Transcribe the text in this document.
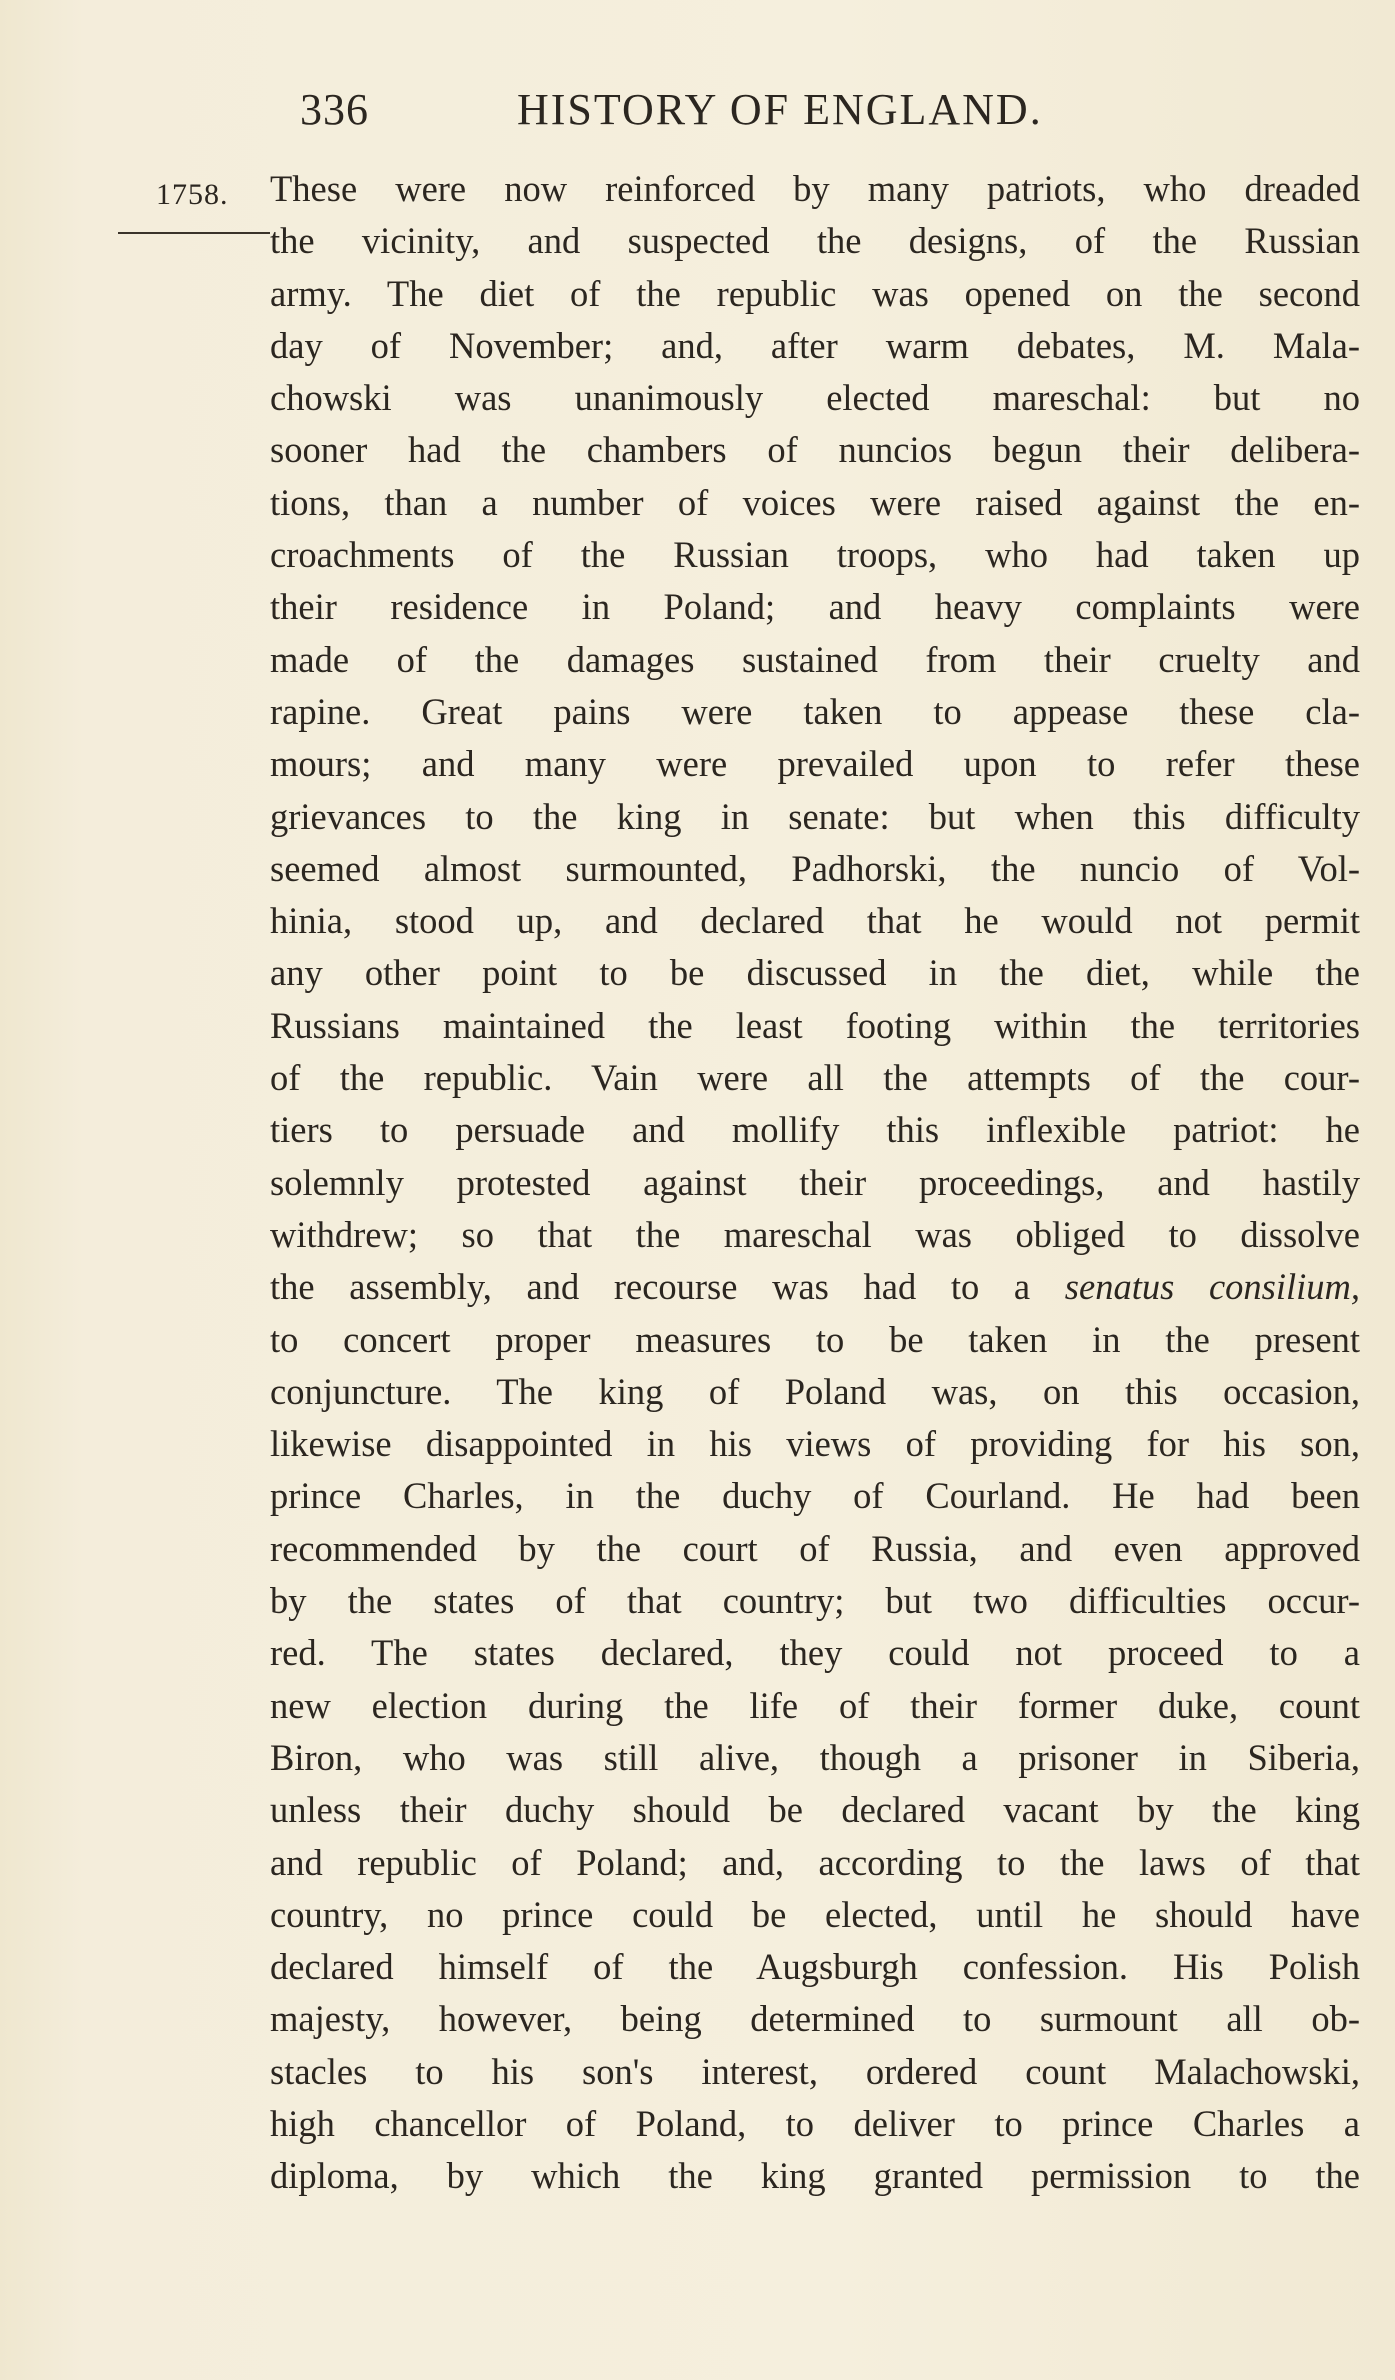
336	HISTORY OF ENGLAND.
1758. These were now reinforced by many patriots, who dreaded
the vicinity, and suspected the designs, of the Russian
army. The diet of the republic was opened on the second
day of November; and, after warm debates, M. Mala-
chowski was unanimously elected mareschal: but no
sooner had the chambers of nuncios begun their delibera-
tions, than a number of voices were raised against the en-
croachments of the Russian troops, who had taken up
their residence in Poland; and heavy complaints were
made of the damages sustained from their cruelty and
rapine. Great pains were taken to appease these cla-
mours; and many were prevailed upon to refer these
grievances to the king in senate: but when this difficulty
seemed almost surmounted, Padhorski, the nuncio of Vol-
hinia, stood up, and declared that he would not permit
any other point to be discussed in the diet, while the
Russians maintained the least footing within the territories
of the republic. Vain were all the attempts of the cour-
tiers to persuade and mollify this inflexible patriot: he
solemnly protested against their proceedings, and hastily
withdrew; so that the mareschal was obliged to dissolve
the assembly, and recourse was had to a senatus consilium,
to concert proper measures to be taken in the present
conjuncture. The king of Poland was, on this occasion,
likewise disappointed in his views of providing for his son,
prince Charles, in the duchy of Courland. He had been
recommended by the court of Russia, and even approved
by the states of that country; but two difficulties occur-
red. The states declared, they could not proceed to a
new election during the life of their former duke, count
Biron, who was still alive, though a prisoner in Siberia,
unless their duchy should be declared vacant by the king
and republic of Poland; and, according to the laws of that
country, no prince could be elected, until he should have
declared himself of the Augsburgh confession. His Polish
majesty, however, being determined to surmount all ob-
stacles to his son's interest, ordered count Malachowski,
high chancellor of Poland, to deliver to prince Charles a
diploma, by which the king granted permission to the
